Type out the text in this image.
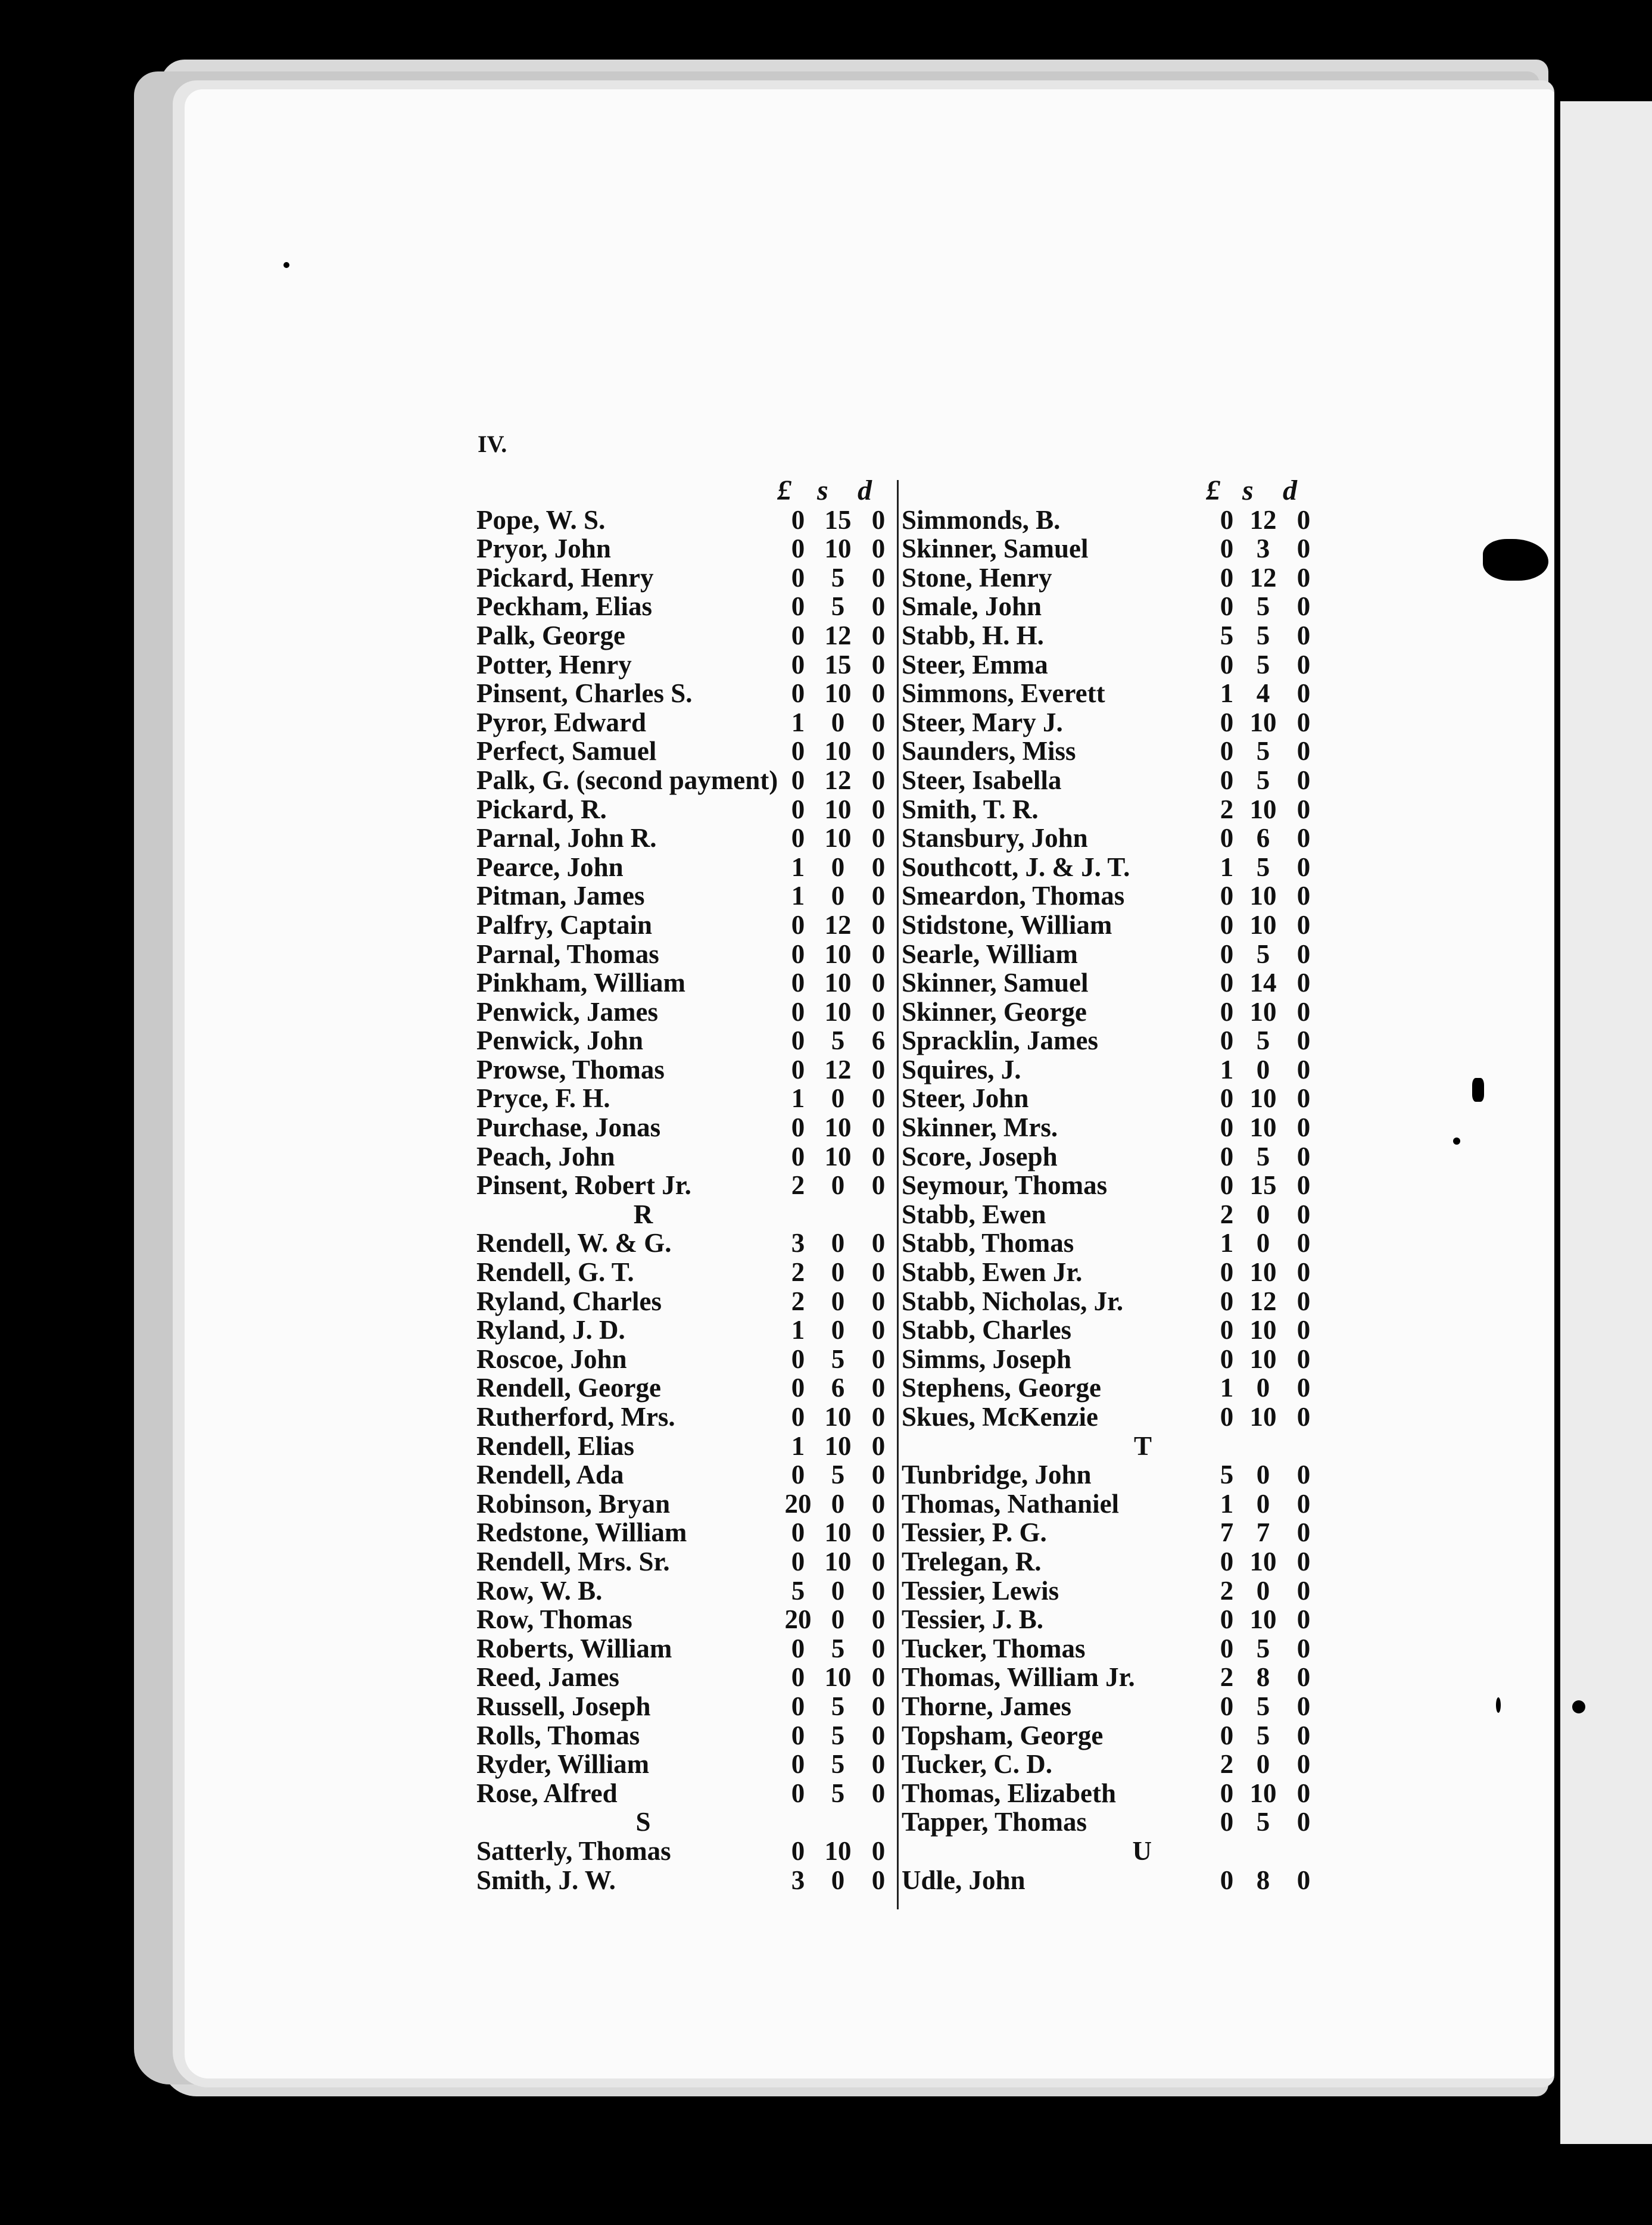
IV.
£ s d
Pope, W. S.	0 15 0
Pryor, John	0 10 0
Pickard, Henry	0 5	0
Peckham, Elias	0 5	0
Palk, George	0 12 0
Potter, Henry	0 15 0
Pinsent, Charles S.	0 10 0
Pyror, Edward	1 0	0
Perfect, Samuel	0 10 0
Palk, G. (second payment) 0 12 0
Pickard, R.	0 10 0
Parnal, John R.	0 10 0
Pearce, John	1 0	0
Pitman, James	1 0	0
Palfry, Captain	0 12 0
Parnal, Thomas	0 10 0
Pinkham, William	0 10 0
Penwick, James	0 10 0
Penwick, John	0 5	6
Prowse, Thomas	0 12 0
Pryce, F. H.	1 0	0
Purchase, Jonas	0 10 0
Peach, John	0 10 0
Pinsent, Robert Jr.	2 0	0
R
Rendell, W. & G.	3 0	0
Rendell, G. T.	2 0	0
Ryland, Charles	2 0	0
Ryland, J. D.	1 0	0
Roscoe, John	0 5	0
Rendell, George	0 6	0
Rutherford, Mrs.	0 10 0
Rendell, Elias	1 10 0
Rendell, Ada	0 5	0
Robinson, Bryan	20 0	0
Redstone, William	0 10 0
Rendell, Mrs. Sr.	0 10 0
Row, W. B.	5 0	0
Row, Thomas	20 0	0
Roberts, William	0 5	0
Reed, James	0 10 0
Russell, Joseph	0 5	0
Rolls, Thomas	0 5	0
Ryder, William	0 5	0
Rose, Alfred	0 5	0
S
Satterly, Thomas	0 10 0
Smith, J. W.	3 0	0
£ s d
Simmonds, B.	0 12 0
Skinner, Samuel	0 3	0
Stone, Henry	0 12 0
Smale, John	0 5	0
Stabb, H. H.	5 5	0
Steer, Emma	0 5	0
Simmons, Everett	1 4	0
Steer, Mary J.	0 10 0
Saunders, Miss	0 5	0
Steer, Isabella	0 5	0
Smith, T. R.	2 10 0
Stansbury, John	0 6	0
Southcott, J. & J. T.	1 5	0
Smeardon, Thomas	0 10 0
Stidstone, William	0 10 0
Searle, William	0 5	0
Skinner, Samuel	0 14 0
Skinner, George	0 10 0
Spracklin, James	0 5	0
Squires, J.	1 0	0
Steer, John	0 10 0
Skinner, Mrs.	0 10 0
Score, Joseph	0 5	0
Seymour, Thomas	0 15 0
Stabb, Ewen	2 0	0
Stabb, Thomas	1 0	0
Stabb, Ewen Jr.	0 10 0
Stabb, Nicholas, Jr.	0 12 0
Stabb, Charles	0 10 0
Simms, Joseph	0 10 0
Stephens, George	1 0	0
Skues, McKenzie	0 10 0
T
Tunbridge, John	5 0	0
Thomas, Nathaniel	1 0	0
Tessier, P. G.	7 7	0
Trelegan, R.	0 10 0
Tessier, Lewis	2 0	0
Tessier, J. B.	0 10 0
Tucker, Thomas	0 5	0
Thomas, William Jr.	2 8	0
Thorne, James	0 5	0
Topsham, George	0 5	0
Tucker, C. D.	2 0	0
Thomas, Elizabeth	0 10 0
Tapper, Thomas	0 5	0
U
Udle, John	0 8	0
